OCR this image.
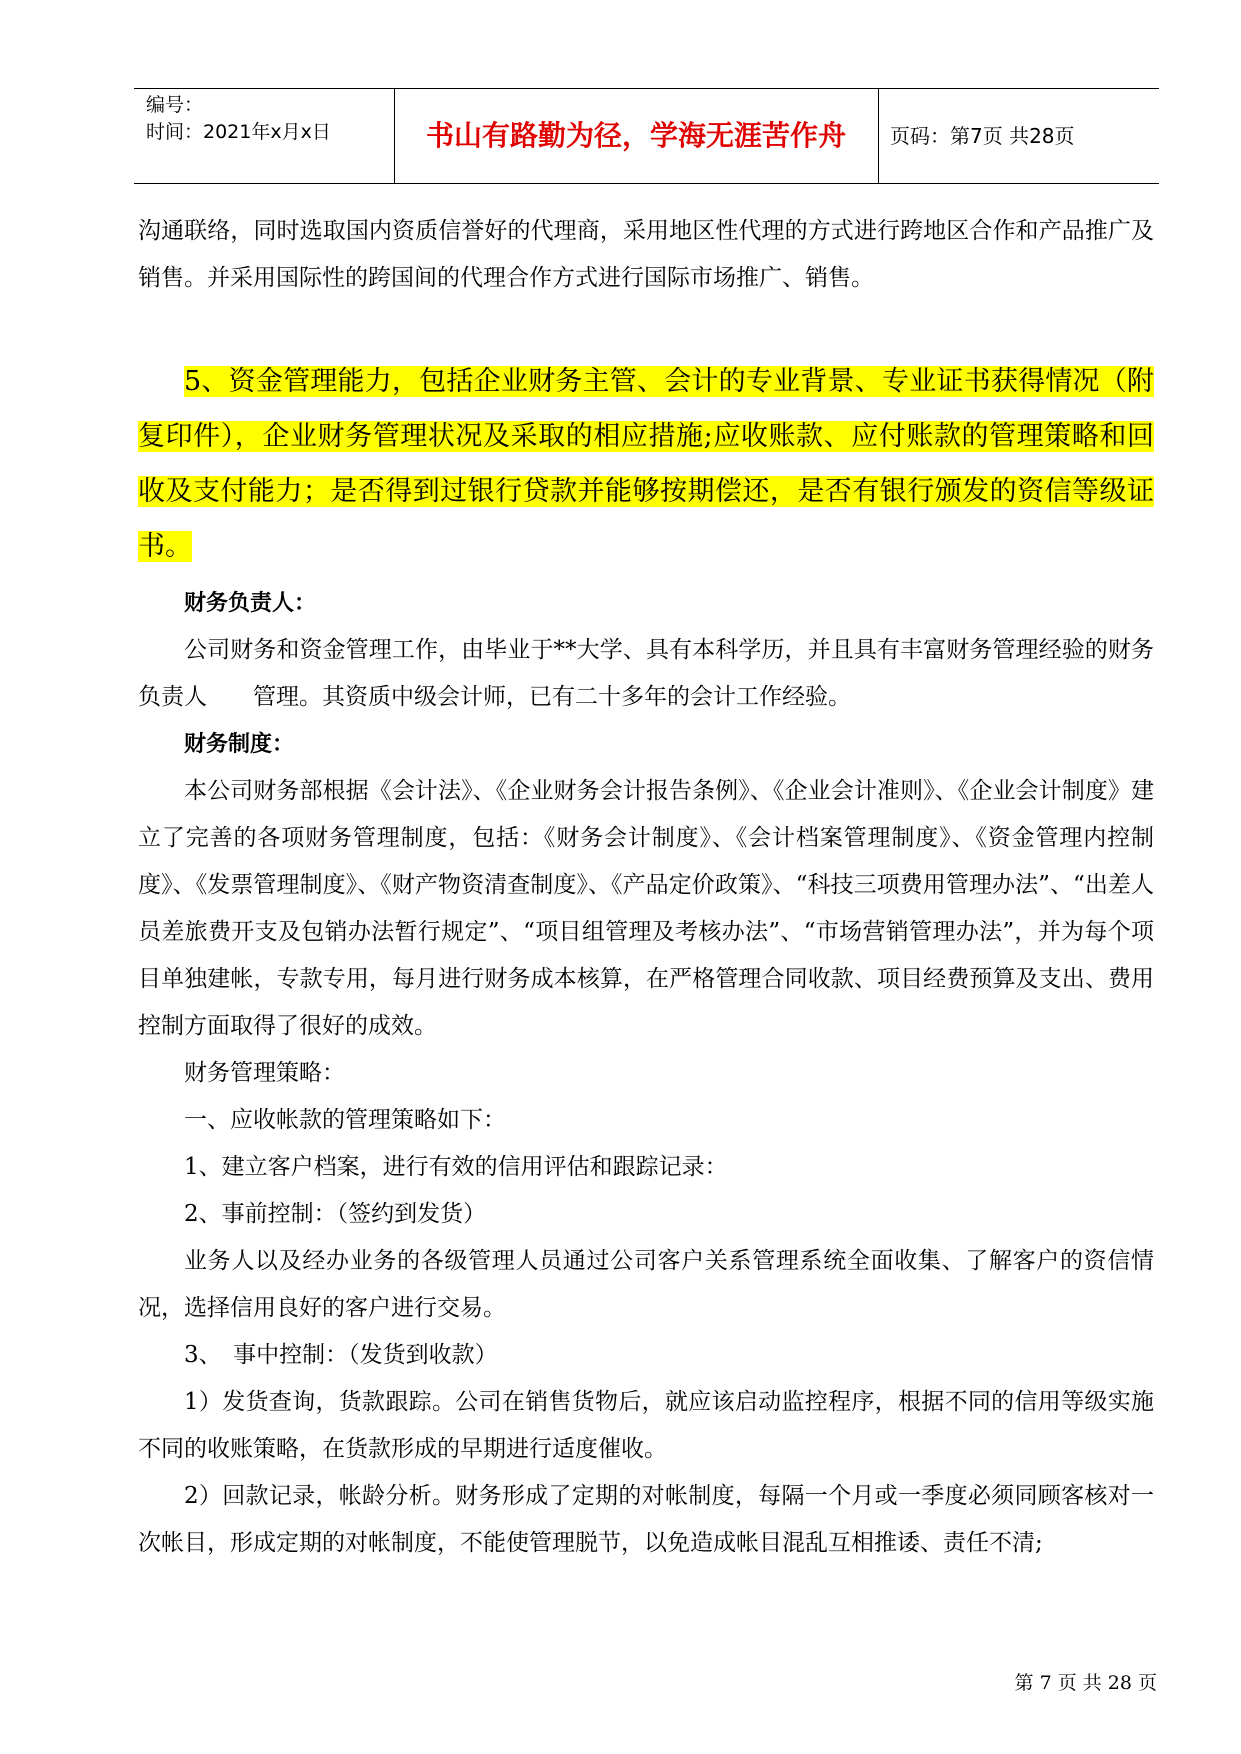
编号：
时间：2021年x月x日	书山有路勤为径，学海无涯苦作舟	页码：第7页 共28页

沟通联络，同时选取国内资质信誉好的代理商，采用地区性代理的方式进行跨地区合作和产品推广及销售。并采用国际性的跨国间的代理合作方式进行国际市场推广、销售。

5、资金管理能力，包括企业财务主管、会计的专业背景、专业证书获得情况（附复印件），企业财务管理状况及采取的相应措施;应收账款、应付账款的管理策略和回收及支付能力；是否得到过银行贷款并能够按期偿还，是否有银行颁发的资信等级证书。

财务负责人：

公司财务和资金管理工作，由毕业于**大学、具有本科学历，并且具有丰富财务管理经验的财务负责人　　管理。其资质中级会计师，已有二十多年的会计工作经验。

财务制度：

本公司财务部根据《会计法》、《企业财务会计报告条例》、《企业会计准则》、《企业会计制度》建立了完善的各项财务管理制度，包括：《财务会计制度》、《会计档案管理制度》、《资金管理内控制度》、《发票管理制度》、《财产物资清查制度》、《产品定价政策》、“科技三项费用管理办法”、“出差人员差旅费开支及包销办法暂行规定”、“项目组管理及考核办法”、“市场营销管理办法”，并为每个项目单独建帐，专款专用，每月进行财务成本核算，在严格管理合同收款、项目经费预算及支出、费用控制方面取得了很好的成效。

财务管理策略：

一、应收帐款的管理策略如下：

1、建立客户档案，进行有效的信用评估和跟踪记录：

2、事前控制：（签约到发货）

业务人以及经办业务的各级管理人员通过公司客户关系管理系统全面收集、了解客户的资信情况，选择信用良好的客户进行交易。

3、　事中控制：（发货到收款）

1）发货查询，货款跟踪。公司在销售货物后，就应该启动监控程序，根据不同的信用等级实施不同的收账策略，在货款形成的早期进行适度催收。

2）回款记录，帐龄分析。财务形成了定期的对帐制度，每隔一个月或一季度必须同顾客核对一次帐目，形成定期的对帐制度，不能使管理脱节，以免造成帐目混乱互相推诿、责任不清;

第 7 页 共 28 页
